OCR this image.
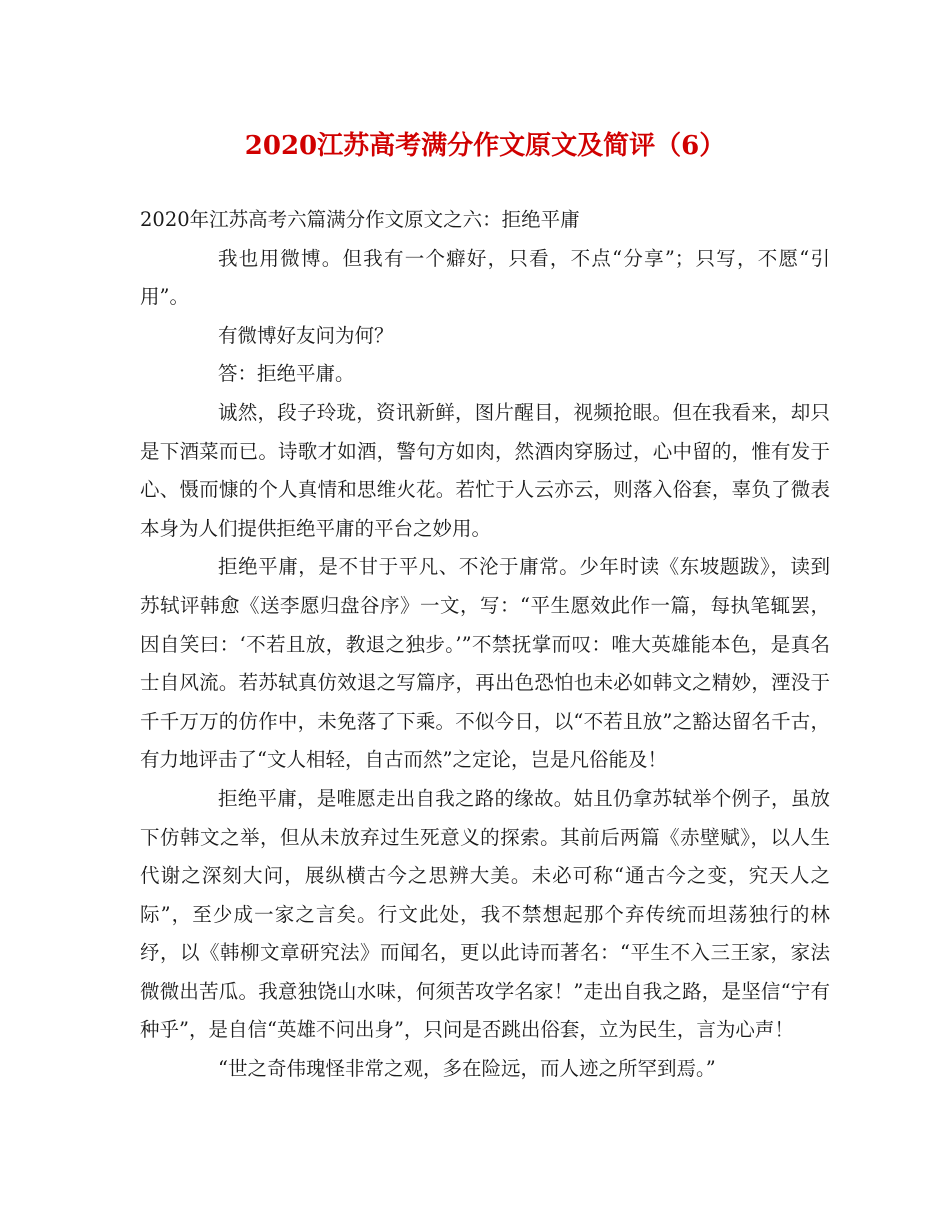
2020江苏高考满分作文原文及简评（6）

2020年江苏高考六篇满分作文原文之六：拒绝平庸

我也用微博。但我有一个癖好，只看，不点“分享”；只写，不愿“引用”。

有微博好友问为何？

答：拒绝平庸。

诚然，段子玲珑，资讯新鲜，图片醒目，视频抢眼。但在我看来，却只是下酒菜而已。诗歌才如酒，警句方如肉，然酒肉穿肠过，心中留的，惟有发于心、慑而慷的个人真情和思维火花。若忙于人云亦云，则落入俗套，辜负了微表本身为人们提供拒绝平庸的平台之妙用。

拒绝平庸，是不甘于平凡、不沦于庸常。少年时读《东坡题跋》，读到苏轼评韩愈《送李愿归盘谷序》一文，写：“平生愿效此作一篇，每执笔辄罢，因自笑曰：‘不若且放，教退之独步。’”不禁抚掌而叹：唯大英雄能本色，是真名士自风流。若苏轼真仿效退之写篇序，再出色恐怕也未必如韩文之精妙，湮没于千千万万的仿作中，未免落了下乘。不似今日，以“不若且放”之豁达留名千古，有力地评击了“文人相轻，自古而然”之定论，岂是凡俗能及！

拒绝平庸，是唯愿走出自我之路的缘故。姑且仍拿苏轼举个例子，虽放下仿韩文之举，但从未放弃过生死意义的探索。其前后两篇《赤壁赋》，以人生代谢之深刻大问，展纵横古今之思辨大美。未必可称“通古今之变，究天人之际”，至少成一家之言矣。行文此处，我不禁想起那个弃传统而坦荡独行的林纾，以《韩柳文章研究法》而闻名，更以此诗而著名：“平生不入三王家，家法微微出苦瓜。我意独饶山水味，何须苦攻学名家！”走出自我之路，是坚信“宁有种乎”，是自信“英雄不问出身”，只问是否跳出俗套，立为民生，言为心声！

“世之奇伟瑰怪非常之观，多在险远，而人迹之所罕到焉。”
